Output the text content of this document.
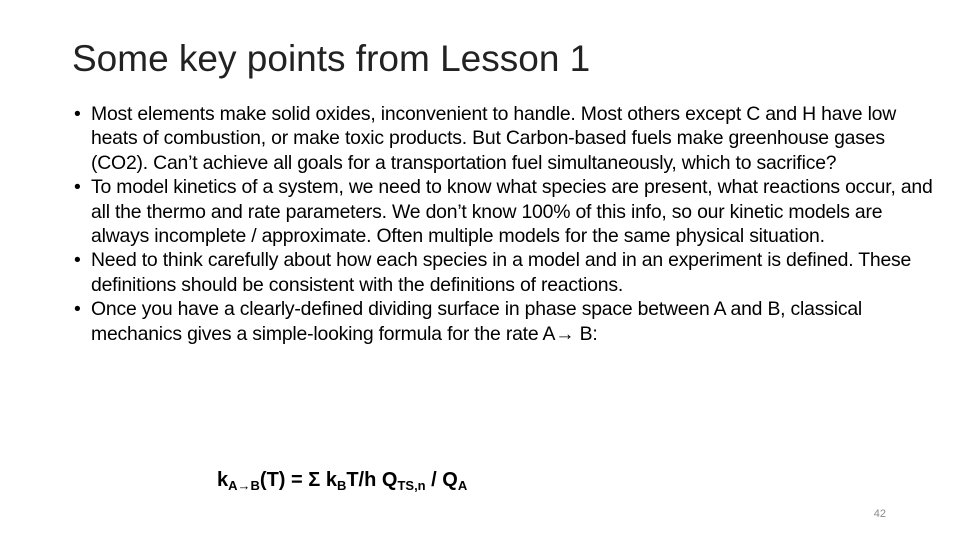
Some key points from Lesson 1
• Most elements make solid oxides, inconvenient to handle. Most others except C and H have low heats of combustion, or make toxic products. But Carbon-based fuels make greenhouse gases (CO2). Can’t achieve all goals for a transportation fuel simultaneously, which to sacrifice?
• To model kinetics of a system, we need to know what species are present, what reactions occur, and all the thermo and rate parameters. We don’t know 100% of this info, so our kinetic models are always incomplete / approximate. Often multiple models for the same physical situation.
• Need to think carefully about how each species in a model and in an experiment is defined. These definitions should be consistent with the definitions of reactions.
• Once you have a clearly-defined dividing surface in phase space between A and B, classical mechanics gives a simple-looking formula for the rate A→ B:
$k_{A\to B}(T) = \Sigma$ $k_BT/h$ $Q_{TS,n} / Q_A$
42
